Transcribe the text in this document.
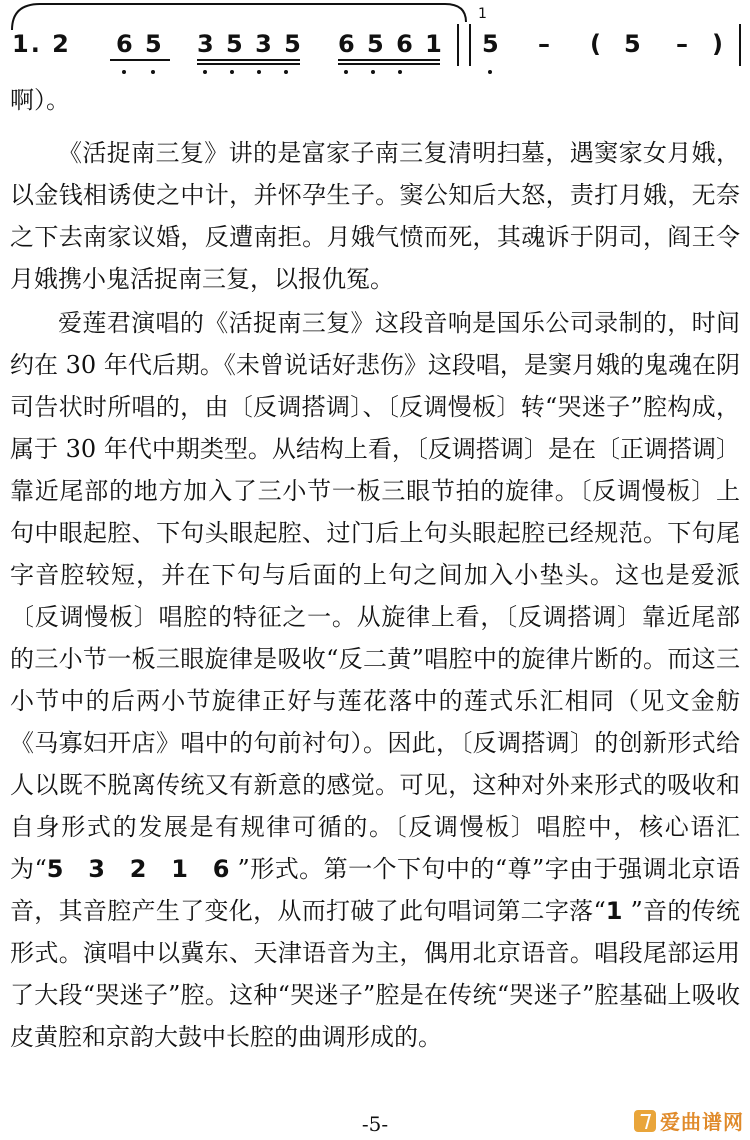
1. 2 6 5 3 5 3 5 6 5 6 1 5 – ( 5 – )
1
啊）。

《活捉南三复》讲的是富家子南三复清明扫墓，遇窦家女月娥，以金钱相诱使之中计，并怀孕生子。窦公知后大怒，责打月娥，无奈之下去南家议婚，反遭南拒。月娥气愤而死，其魂诉于阴司，阎王令月娥携小鬼活捉南三复，以报仇冤。

爱莲君演唱的《活捉南三复》这段音响是国乐公司录制的，时间约在 30 年代后期。《未曾说话好悲伤》这段唱，是窦月娥的鬼魂在阴司告状时所唱的，由〔反调搭调〕、〔反调慢板〕转“哭迷子”腔构成，属于 30 年代中期类型。从结构上看，〔反调搭调〕是在〔正调搭调〕靠近尾部的地方加入了三小节一板三眼节拍的旋律。〔反调慢板〕上句中眼起腔、下句头眼起腔、过门后上句头眼起腔已经规范。下句尾字音腔较短，并在下句与后面的上句之间加入小垫头。这也是爱派〔反调慢板〕唱腔的特征之一。从旋律上看，〔反调搭调〕靠近尾部的三小节一板三眼旋律是吸收“反二黄”唱腔中的旋律片断的。而这三小节中的后两小节旋律正好与莲花落中的莲式乐汇相同（见文金舫《马寡妇开店》唱中的句前衬句）。因此，〔反调搭调〕的创新形式给人以既不脱离传统又有新意的感觉。可见，这种对外来形式的吸收和自身形式的发展是有规律可循的。〔反调慢板〕唱腔中，核心语汇为“5 3 2 1 6”形式。第一个下句中的“尊”字由于强调北京语音，其音腔产生了变化，从而打破了此句唱词第二字落“1”音的传统形式。演唱中以冀东、天津语音为主，偶用北京语音。唱段尾部运用了大段“哭迷子”腔。这种“哭迷子”腔是在传统“哭迷子”腔基础上吸收皮黄腔和京韵大鼓中长腔的曲调形成的。

-5-	爱曲谱网
